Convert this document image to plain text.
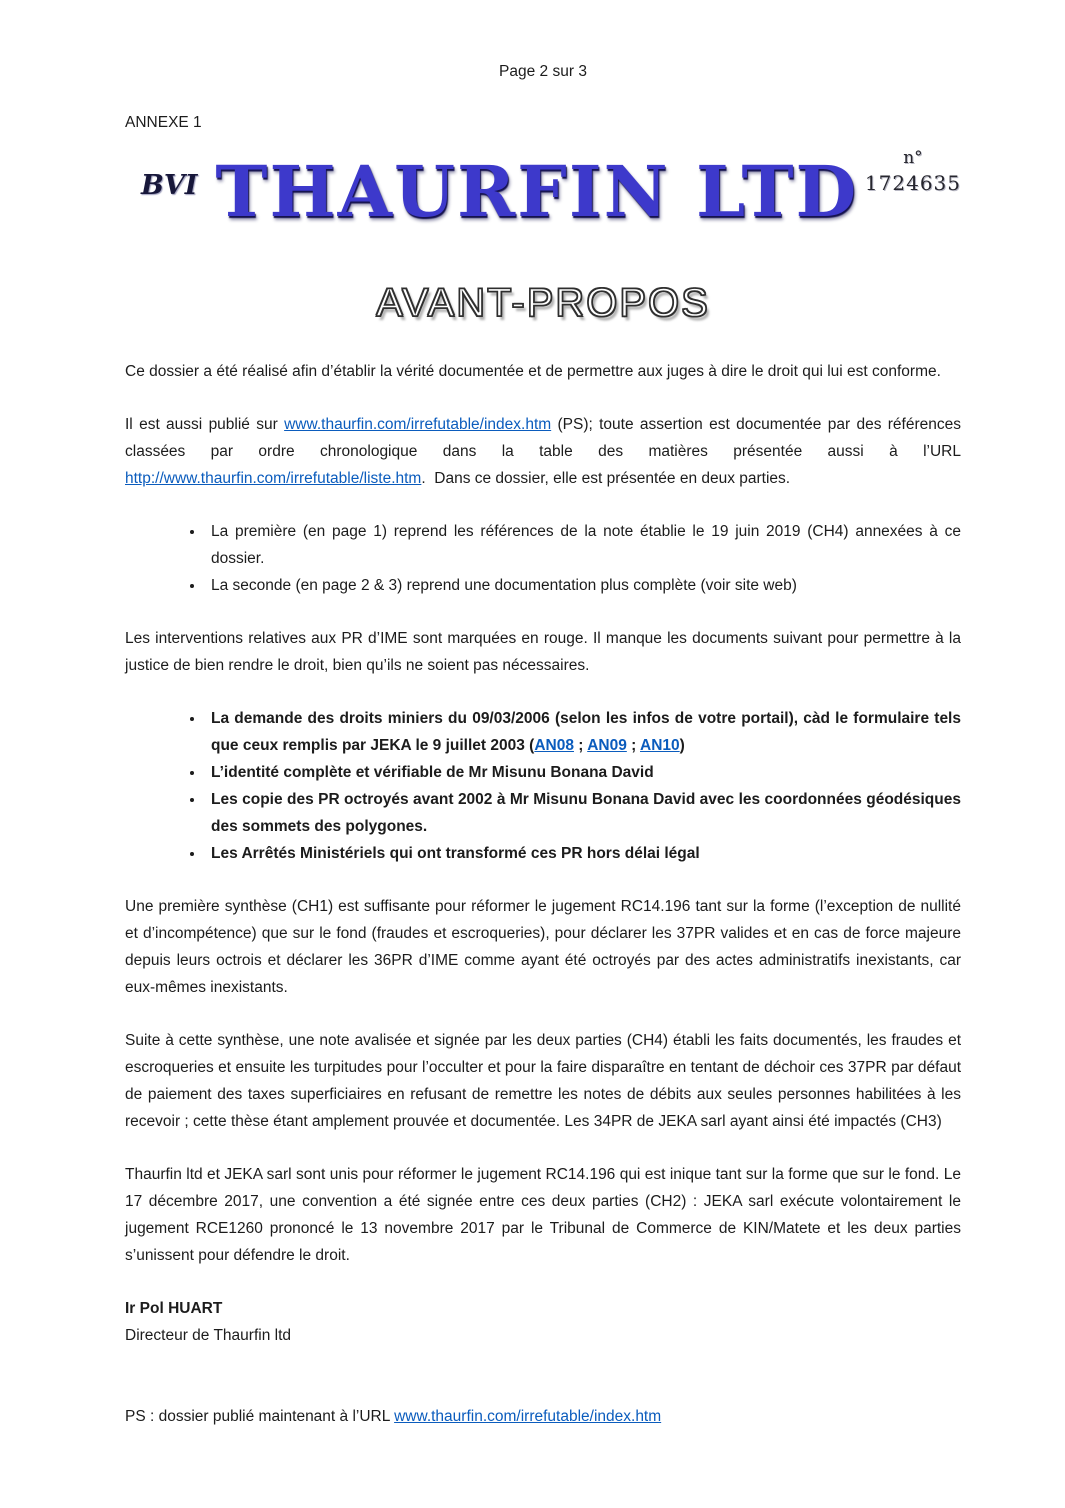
Page 2 sur 3
ANNEXE 1
BVI THAURFIN LTD	n°
1724635
AVANT-PROPOS

Ce dossier a été réalisé afin d’établir la vérité documentée et de permettre aux juges à dire le droit qui lui est conforme.

Il est aussi publié sur www.thaurfin.com/irrefutable/index.htm (PS); toute assertion est documentée par des références classées par ordre chronologique dans la table des matières présentée aussi à l’URL http://www.thaurfin.com/irrefutable/liste.htm.  Dans ce dossier, elle est présentée en deux parties.

• La première (en page 1) reprend les références de la note établie le 19 juin 2019 (CH4) annexées à ce dossier.
• La seconde (en page 2 & 3) reprend une documentation plus complète (voir site web)

Les interventions relatives aux PR d’IME sont marquées en rouge. Il manque les documents suivant pour permettre à la justice de bien rendre le droit, bien qu’ils ne soient pas nécessaires.

• La demande des droits miniers du 09/03/2006 (selon les infos de votre portail), càd le formulaire tels que ceux remplis par JEKA le 9 juillet 2003 (AN08 ; AN09 ; AN10)
• L’identité complète et vérifiable de Mr Misunu Bonana David
• Les copie des PR octroyés avant 2002 à Mr Misunu Bonana David avec les coordonnées géodésiques des sommets des polygones.
• Les Arrêtés Ministériels qui ont transformé ces PR hors délai légal

Une première synthèse (CH1) est suffisante pour réformer le jugement RC14.196 tant sur la forme (l’exception de nullité et d’incompétence) que sur le fond (fraudes et escroqueries), pour déclarer les 37PR valides et en cas de force majeure depuis leurs octrois et déclarer les 36PR d’IME comme ayant été octroyés par des actes administratifs inexistants, car eux-mêmes inexistants.

Suite à cette synthèse, une note avalisée et signée par les deux parties (CH4) établi les faits documentés, les fraudes et escroqueries et ensuite les turpitudes pour l’occulter et pour la faire disparaître en tentant de déchoir ces 37PR par défaut de paiement des taxes superficiaires en refusant de remettre les notes de débits aux seules personnes habilitées à les recevoir ; cette thèse étant amplement prouvée et documentée. Les 34PR de JEKA sarl ayant ainsi été impactés (CH3)

Thaurfin ltd et JEKA sarl sont unis pour réformer le jugement RC14.196 qui est inique tant sur la forme que sur le fond. Le 17 décembre 2017, une convention a été signée entre ces deux parties (CH2) : JEKA sarl exécute volontairement le jugement RCE1260 prononcé le 13 novembre 2017 par le Tribunal de Commerce de KIN/Matete et les deux parties s’unissent pour défendre le droit.

Ir Pol HUART

Directeur de Thaurfin ltd

PS : dossier publié maintenant à l’URL www.thaurfin.com/irrefutable/index.htm
